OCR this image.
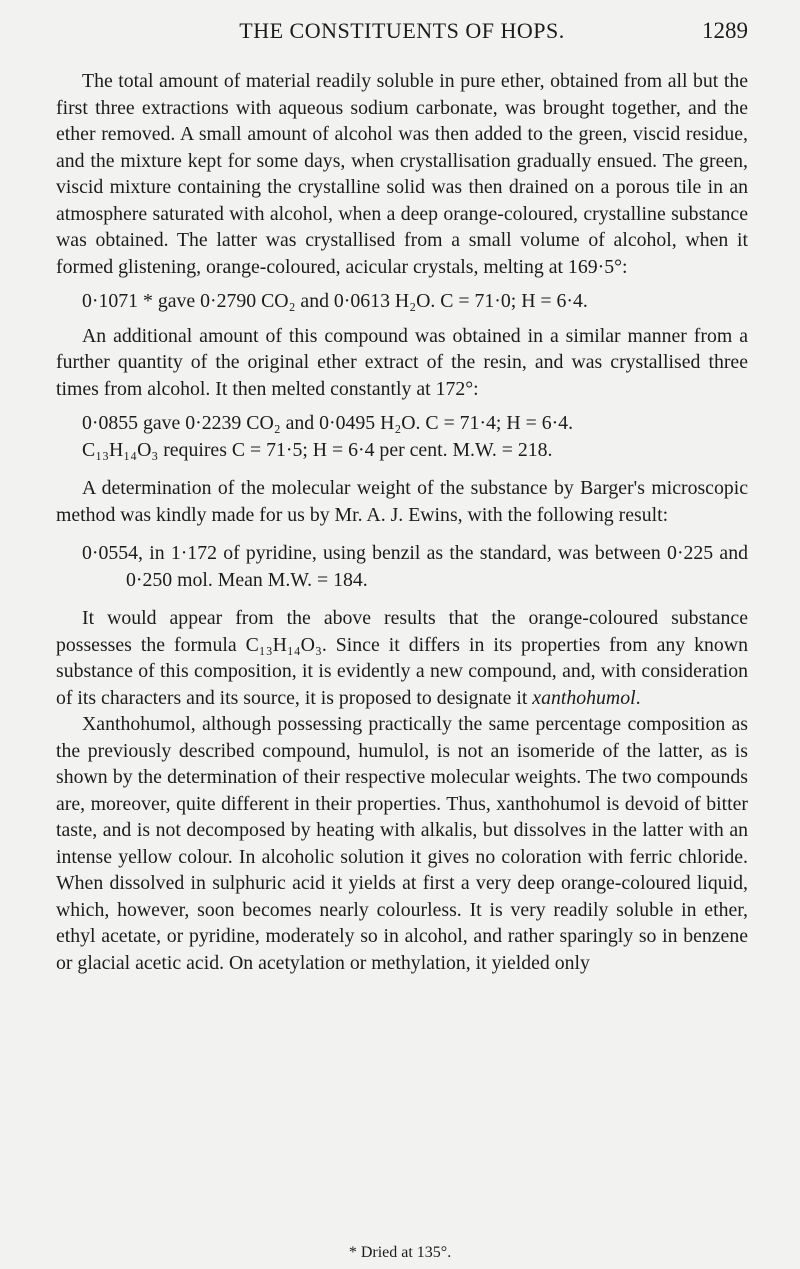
THE CONSTITUENTS OF HOPS.	1289

The total amount of material readily soluble in pure ether, obtained from all but the first three extractions with aqueous sodium carbonate, was brought together, and the ether removed. A small amount of alcohol was then added to the green, viscid residue, and the mixture kept for some days, when crystallisation gradually ensued. The green, viscid mixture containing the crystalline solid was then drained on a porous tile in an atmosphere saturated with alcohol, when a deep orange-coloured, crystalline substance was obtained. The latter was crystallised from a small volume of alcohol, when it formed glistening, orange-coloured, acicular crystals, melting at 169·5°:

0·1071 * gave 0·2790 CO₂ and 0·0613 H₂O. C = 71·0; H = 6·4.

An additional amount of this compound was obtained in a similar manner from a further quantity of the original ether extract of the resin, and was crystallised three times from alcohol. It then melted constantly at 172°:

0·0855 gave 0·2239 CO₂ and 0·0495 H₂O. C = 71·4; H = 6·4.

C₁₃H₁₄O₃ requires C = 71·5; H = 6·4 per cent. M.W. = 218.

A determination of the molecular weight of the substance by Barger's microscopic method was kindly made for us by Mr. A. J. Ewins, with the following result:

0·0554, in 1·172 of pyridine, using benzil as the standard, was between 0·225 and 0·250 mol. Mean M.W. = 184.

It would appear from the above results that the orange-coloured substance possesses the formula C₁₃H₁₄O₃. Since it differs in its properties from any known substance of this composition, it is evidently a new compound, and, with consideration of its characters and its source, it is proposed to designate it xanthohumol.

Xanthohumol, although possessing practically the same percentage composition as the previously described compound, humulol, is not an isomeride of the latter, as is shown by the determination of their respective molecular weights. The two compounds are, moreover, quite different in their properties. Thus, xanthohumol is devoid of bitter taste, and is not decomposed by heating with alkalis, but dissolves in the latter with an intense yellow colour. In alcoholic solution it gives no coloration with ferric chloride. When dissolved in sulphuric acid it yields at first a very deep orange-coloured liquid, which, however, soon becomes nearly colourless. It is very readily soluble in ether, ethyl acetate, or pyridine, moderately so in alcohol, and rather sparingly so in benzene or glacial acetic acid. On acetylation or methylation, it yielded only

* Dried at 135°.
